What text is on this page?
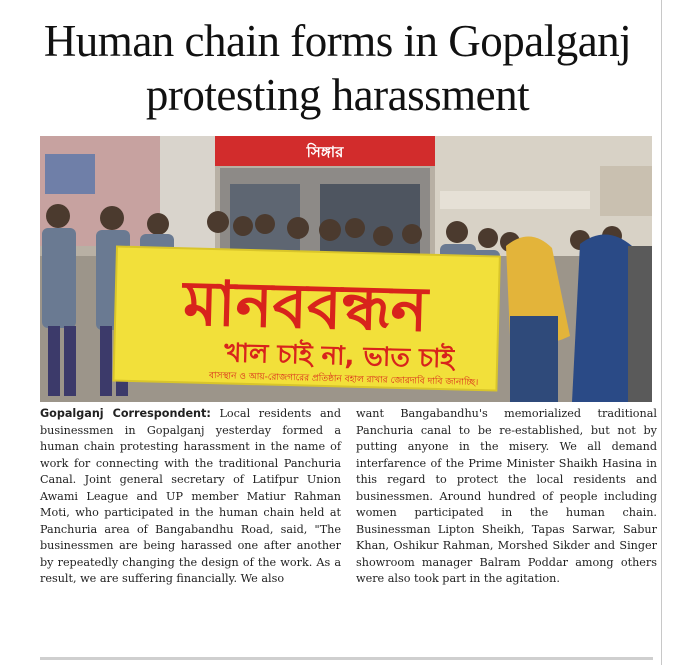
Human chain forms in Gopalganj
protesting harassment
সিঙ্গার
মানববন্ধন
খাল চাই না, ভাত চাই
বাসস্থান ও আয়-রোজগারের প্রতিষ্ঠান বহাল রাখার জোরদাবি দাবি জানাচ্ছি।
Gopalganj Correspondent: Local residents and businessmen in Gopalganj yesterday formed a human chain protesting harassment in the name of work for connecting with the traditional Panchuria Canal. Joint general secretary of Latifpur Union Awami League and UP member Matiur Rahman Moti, who participated in the human chain held at Panchuria area of Bangabandhu Road, said, "The businessmen are being harassed one after another by repeatedly changing the design of the work. As a result, we are suffering financially. We also
want Bangabandhu's memorialized traditional Panchuria canal to be re-established, but not by putting anyone in the misery. We all demand interfarence of the Prime Minister Shaikh Hasina in this regard to protect the local residents and businessmen. Around hundred of people including women participated in the human chain. Businessman Lipton Sheikh, Tapas Sarwar, Sabur Khan, Oshikur Rahman, Morshed Sikder and Singer showroom manager Balram Poddar among others were also took part in the agitation.
